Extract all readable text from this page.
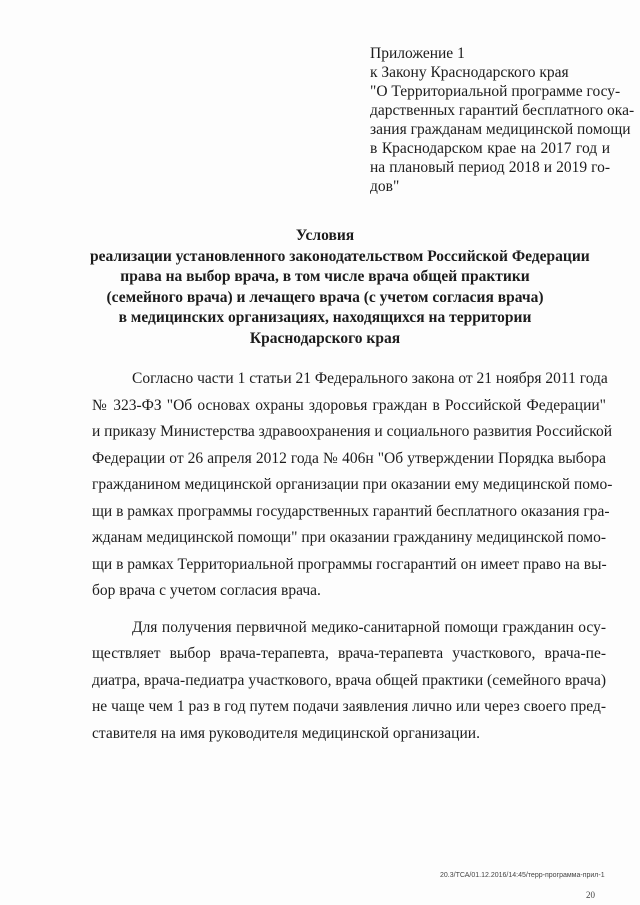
Приложение 1
к Закону Краснодарского края
"О Территориальной программе госу-
дарственных гарантий бесплатного ока-
зания гражданам медицинской помощи
в Краснодарском крае на 2017 год и
на плановый период 2018 и 2019 го-
дов"
Условия
реализации установленного законодательством Российской Федерации
права на выбор врача, в том числе врача общей практики
(семейного врача) и лечащего врача (с учетом согласия врача)
в медицинских организациях, находящихся на территории
Краснодарского края
Согласно части 1 статьи 21 Федерального закона от 21 ноября 2011 года
№ 323-ФЗ "Об основах охраны здоровья граждан в Российской Федерации"
и приказу Министерства здравоохранения и социального развития Российской
Федерации от 26 апреля 2012 года № 406н "Об утверждении Порядка выбора
гражданином медицинской организации при оказании ему медицинской помо-
щи в рамках программы государственных гарантий бесплатного оказания гра-
жданам медицинской помощи" при оказании гражданину медицинской помо-
щи в рамках Территориальной программы госгарантий он имеет право на вы-
бор врача с учетом согласия врача.
Для получения первичной медико-санитарной помощи гражданин осу-
ществляет выбор врача-терапевта, врача-терапевта участкового, врача-пе-
диатра, врача-педиатра участкового, врача общей практики (семейного врача)
не чаще чем 1 раз в год путем подачи заявления лично или через своего пред-
ставителя на имя руководителя медицинской организации.
20.3/ТСА/01.12.2016/14:45/терр-программа-прил-1
20
